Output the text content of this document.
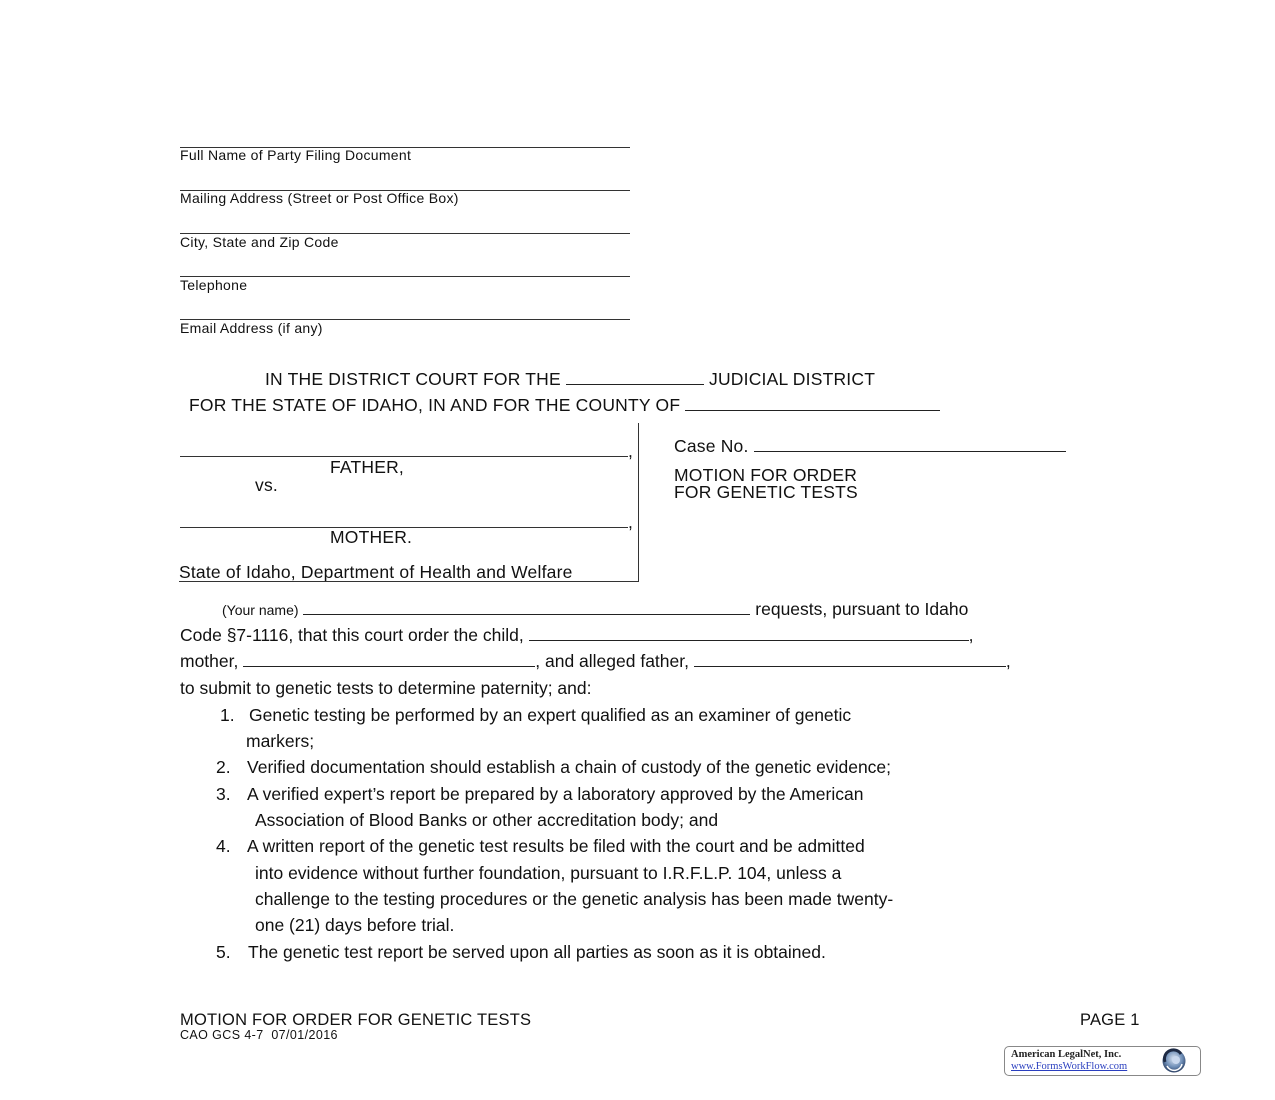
Full Name of Party Filing Document
Mailing Address (Street or Post Office Box)
City, State and Zip Code
Telephone
Email Address (if any)
IN THE DISTRICT COURT FOR THE	JUDICIAL DISTRICT
FOR THE STATE OF IDAHO, IN AND FOR THE COUNTY OF
,
FATHER,
vs.
,
MOTHER.
State of Idaho, Department of Health and Welfare
Case No.
MOTION FOR ORDER
FOR GENETIC TESTS
(Your name)	requests, pursuant to Idaho
Code §7-1116, that this court order the child,	,
mother,	, and alleged father,	,
to submit to genetic tests to determine paternity; and:
1. Genetic testing be performed by an expert qualified as an examiner of genetic
markers;
2. Verified documentation should establish a chain of custody of the genetic evidence;
3. A verified expert’s report be prepared by a laboratory approved by the American
Association of Blood Banks or other accreditation body; and
4. A written report of the genetic test results be filed with the court and be admitted
into evidence without further foundation, pursuant to I.R.F.L.P. 104, unless a
challenge to the testing procedures or the genetic analysis has been made twenty-
one (21) days before trial.
5. The genetic test report be served upon all parties as soon as it is obtained.
MOTION FOR ORDER FOR GENETIC TESTS
CAO GCS 4-7  07/01/2016
PAGE 1
American LegalNet, Inc.
www.FormsWorkFlow.com
